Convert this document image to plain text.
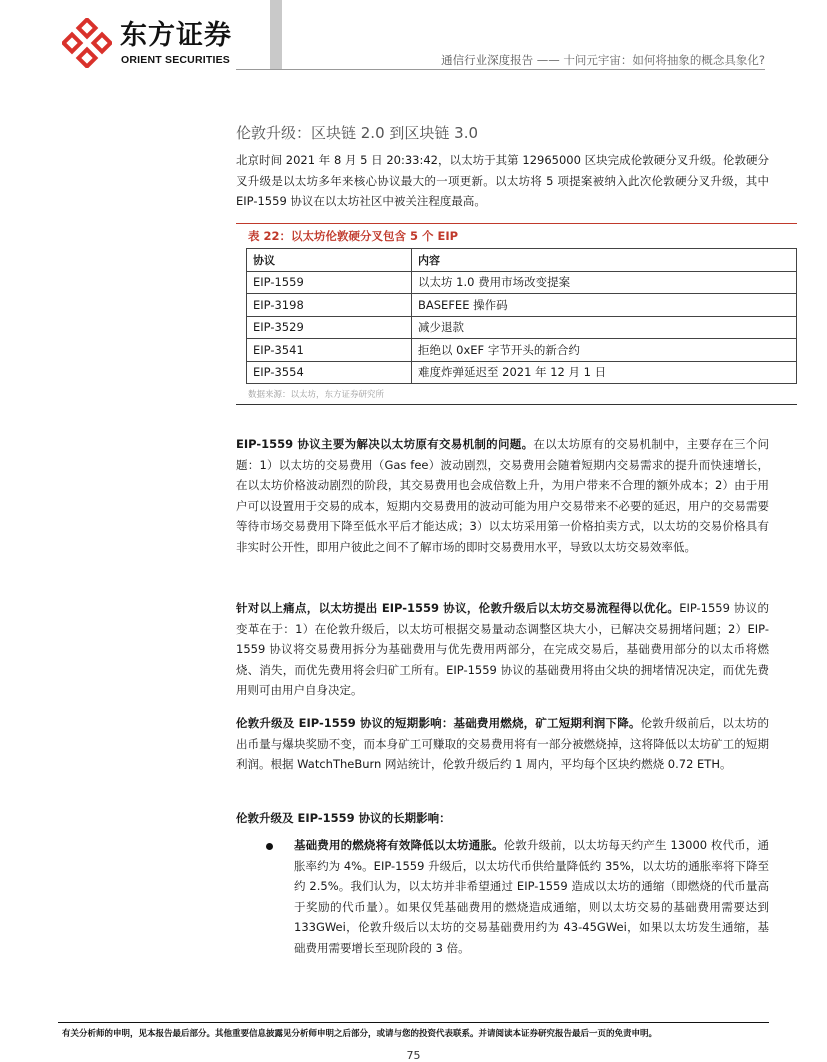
东方证券
ORIENT SECURITIES	通信行业深度报告 —— 十问元宇宙：如何将抽象的概念具象化?
伦敦升级：区块链 2.0 到区块链 3.0
北京时间 2021 年 8 月 5 日 20:33:42，以太坊于其第 12965000 区块完成伦敦硬分叉升级。伦敦硬分叉升级是以太坊多年来核心协议最大的一项更新。以太坊将 5 项提案被纳入此次伦敦硬分叉升级，其中 EIP-1559 协议在以太坊社区中被关注程度最高。
表 22：以太坊伦敦硬分叉包含 5 个 EIP
协议	内容
EIP-1559	以太坊 1.0 费用市场改变提案
EIP-3198	BASEFEE 操作码
EIP-3529	减少退款
EIP-3541	拒绝以 0xEF 字节开头的新合约
EIP-3554	难度炸弹延迟至 2021 年 12 月 1 日
数据来源：以太坊，东方证券研究所
EIP-1559 协议主要为解决以太坊原有交易机制的问题。在以太坊原有的交易机制中，主要存在三个问题：1）以太坊的交易费用（Gas fee）波动剧烈，交易费用会随着短期内交易需求的提升而快速增长，在以太坊价格波动剧烈的阶段，其交易费用也会成倍数上升，为用户带来不合理的额外成本；2）由于用户可以设置用于交易的成本，短期内交易费用的波动可能为用户交易带来不必要的延迟，用户的交易需要等待市场交易费用下降至低水平后才能达成；3）以太坊采用第一价格拍卖方式，以太坊的交易价格具有非实时公开性，即用户彼此之间不了解市场的即时交易费用水平，导致以太坊交易效率低。
针对以上痛点，以太坊提出 EIP-1559 协议，伦敦升级后以太坊交易流程得以优化。EIP-1559 协议的变革在于：1）在伦敦升级后，以太坊可根据交易量动态调整区块大小，已解决交易拥堵问题；2）EIP-1559 协议将交易费用拆分为基础费用与优先费用两部分，在完成交易后，基础费用部分的以太币将燃烧、消失，而优先费用将会归矿工所有。EIP-1559 协议的基础费用将由父块的拥堵情况决定，而优先费用则可由用户自身决定。
伦敦升级及 EIP-1559 协议的短期影响：基础费用燃烧，矿工短期利润下降。伦敦升级前后，以太坊的出币量与爆块奖励不变，而本身矿工可赚取的交易费用将有一部分被燃烧掉，这将降低以太坊矿工的短期利润。根据 WatchTheBurn 网站统计，伦敦升级后约 1 周内，平均每个区块约燃烧 0.72 ETH。
伦敦升级及 EIP-1559 协议的长期影响：
基础费用的燃烧将有效降低以太坊通胀。伦敦升级前，以太坊每天约产生 13000 枚代币，通胀率约为 4%。EIP-1559 升级后，以太坊代币供给量降低约 35%，以太坊的通胀率将下降至约 2.5%。我们认为，以太坊并非希望通过 EIP-1559 造成以太坊的通缩（即燃烧的代币量高于奖励的代币量）。如果仅凭基础费用的燃烧造成通缩，则以太坊交易的基础费用需要达到 133GWei，伦敦升级后以太坊的交易基础费用约为 43-45GWei，如果以太坊发生通缩，基础费用需要增长至现阶段的 3 倍。
有关分析师的申明，见本报告最后部分。其他重要信息披露见分析师申明之后部分，或请与您的投资代表联系。并请阅读本证券研究报告最后一页的免责申明。
75
